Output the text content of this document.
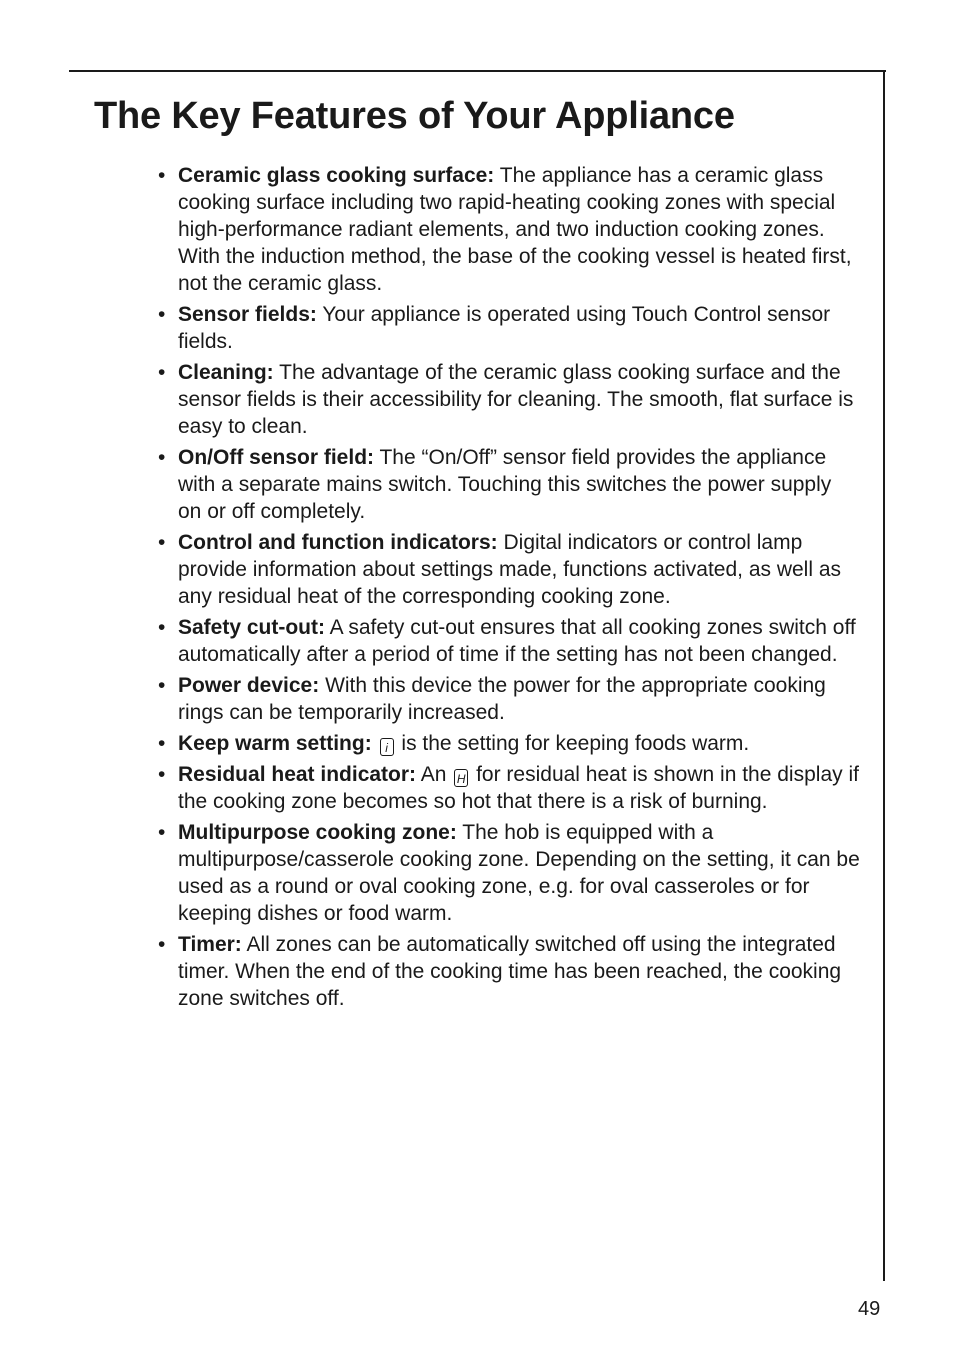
The Key Features of Your Appliance
• Ceramic glass cooking surface: The appliance has a ceramic glass cooking surface including two rapid-heating cooking zones with special high-performance radiant elements, and two induction cooking zones. With the induction method, the base of the cooking vessel is heated first, not the ceramic glass.
• Sensor fields: Your appliance is operated using Touch Control sensor fields.
• Cleaning: The advantage of the ceramic glass cooking surface and the sensor fields is their accessibility for cleaning. The smooth, flat surface is easy to clean.
• On/Off sensor field: The “On/Off” sensor field provides the appliance with a separate mains switch. Touching this switches the power supply on or off completely.
• Control and function indicators: Digital indicators or control lamp provide information about settings made, functions activated, as well as any residual heat of the corresponding cooking zone.
• Safety cut-out: A safety cut-out ensures that all cooking zones switch off automatically after a period of time if the setting has not been changed.
• Power device: With this device the power for the appropriate cooking rings can be temporarily increased.
• Keep warm setting: i is the setting for keeping foods warm.
• Residual heat indicator: An H for residual heat is shown in the display if the cooking zone becomes so hot that there is a risk of burning.
• Multipurpose cooking zone: The hob is equipped with a multipurpose/casserole cooking zone. Depending on the setting, it can be used as a round or oval cooking zone, e.g. for oval casseroles or for keeping dishes or food warm.
• Timer: All zones can be automatically switched off using the integrated timer. When the end of the cooking time has been reached, the cooking zone switches off.
49
